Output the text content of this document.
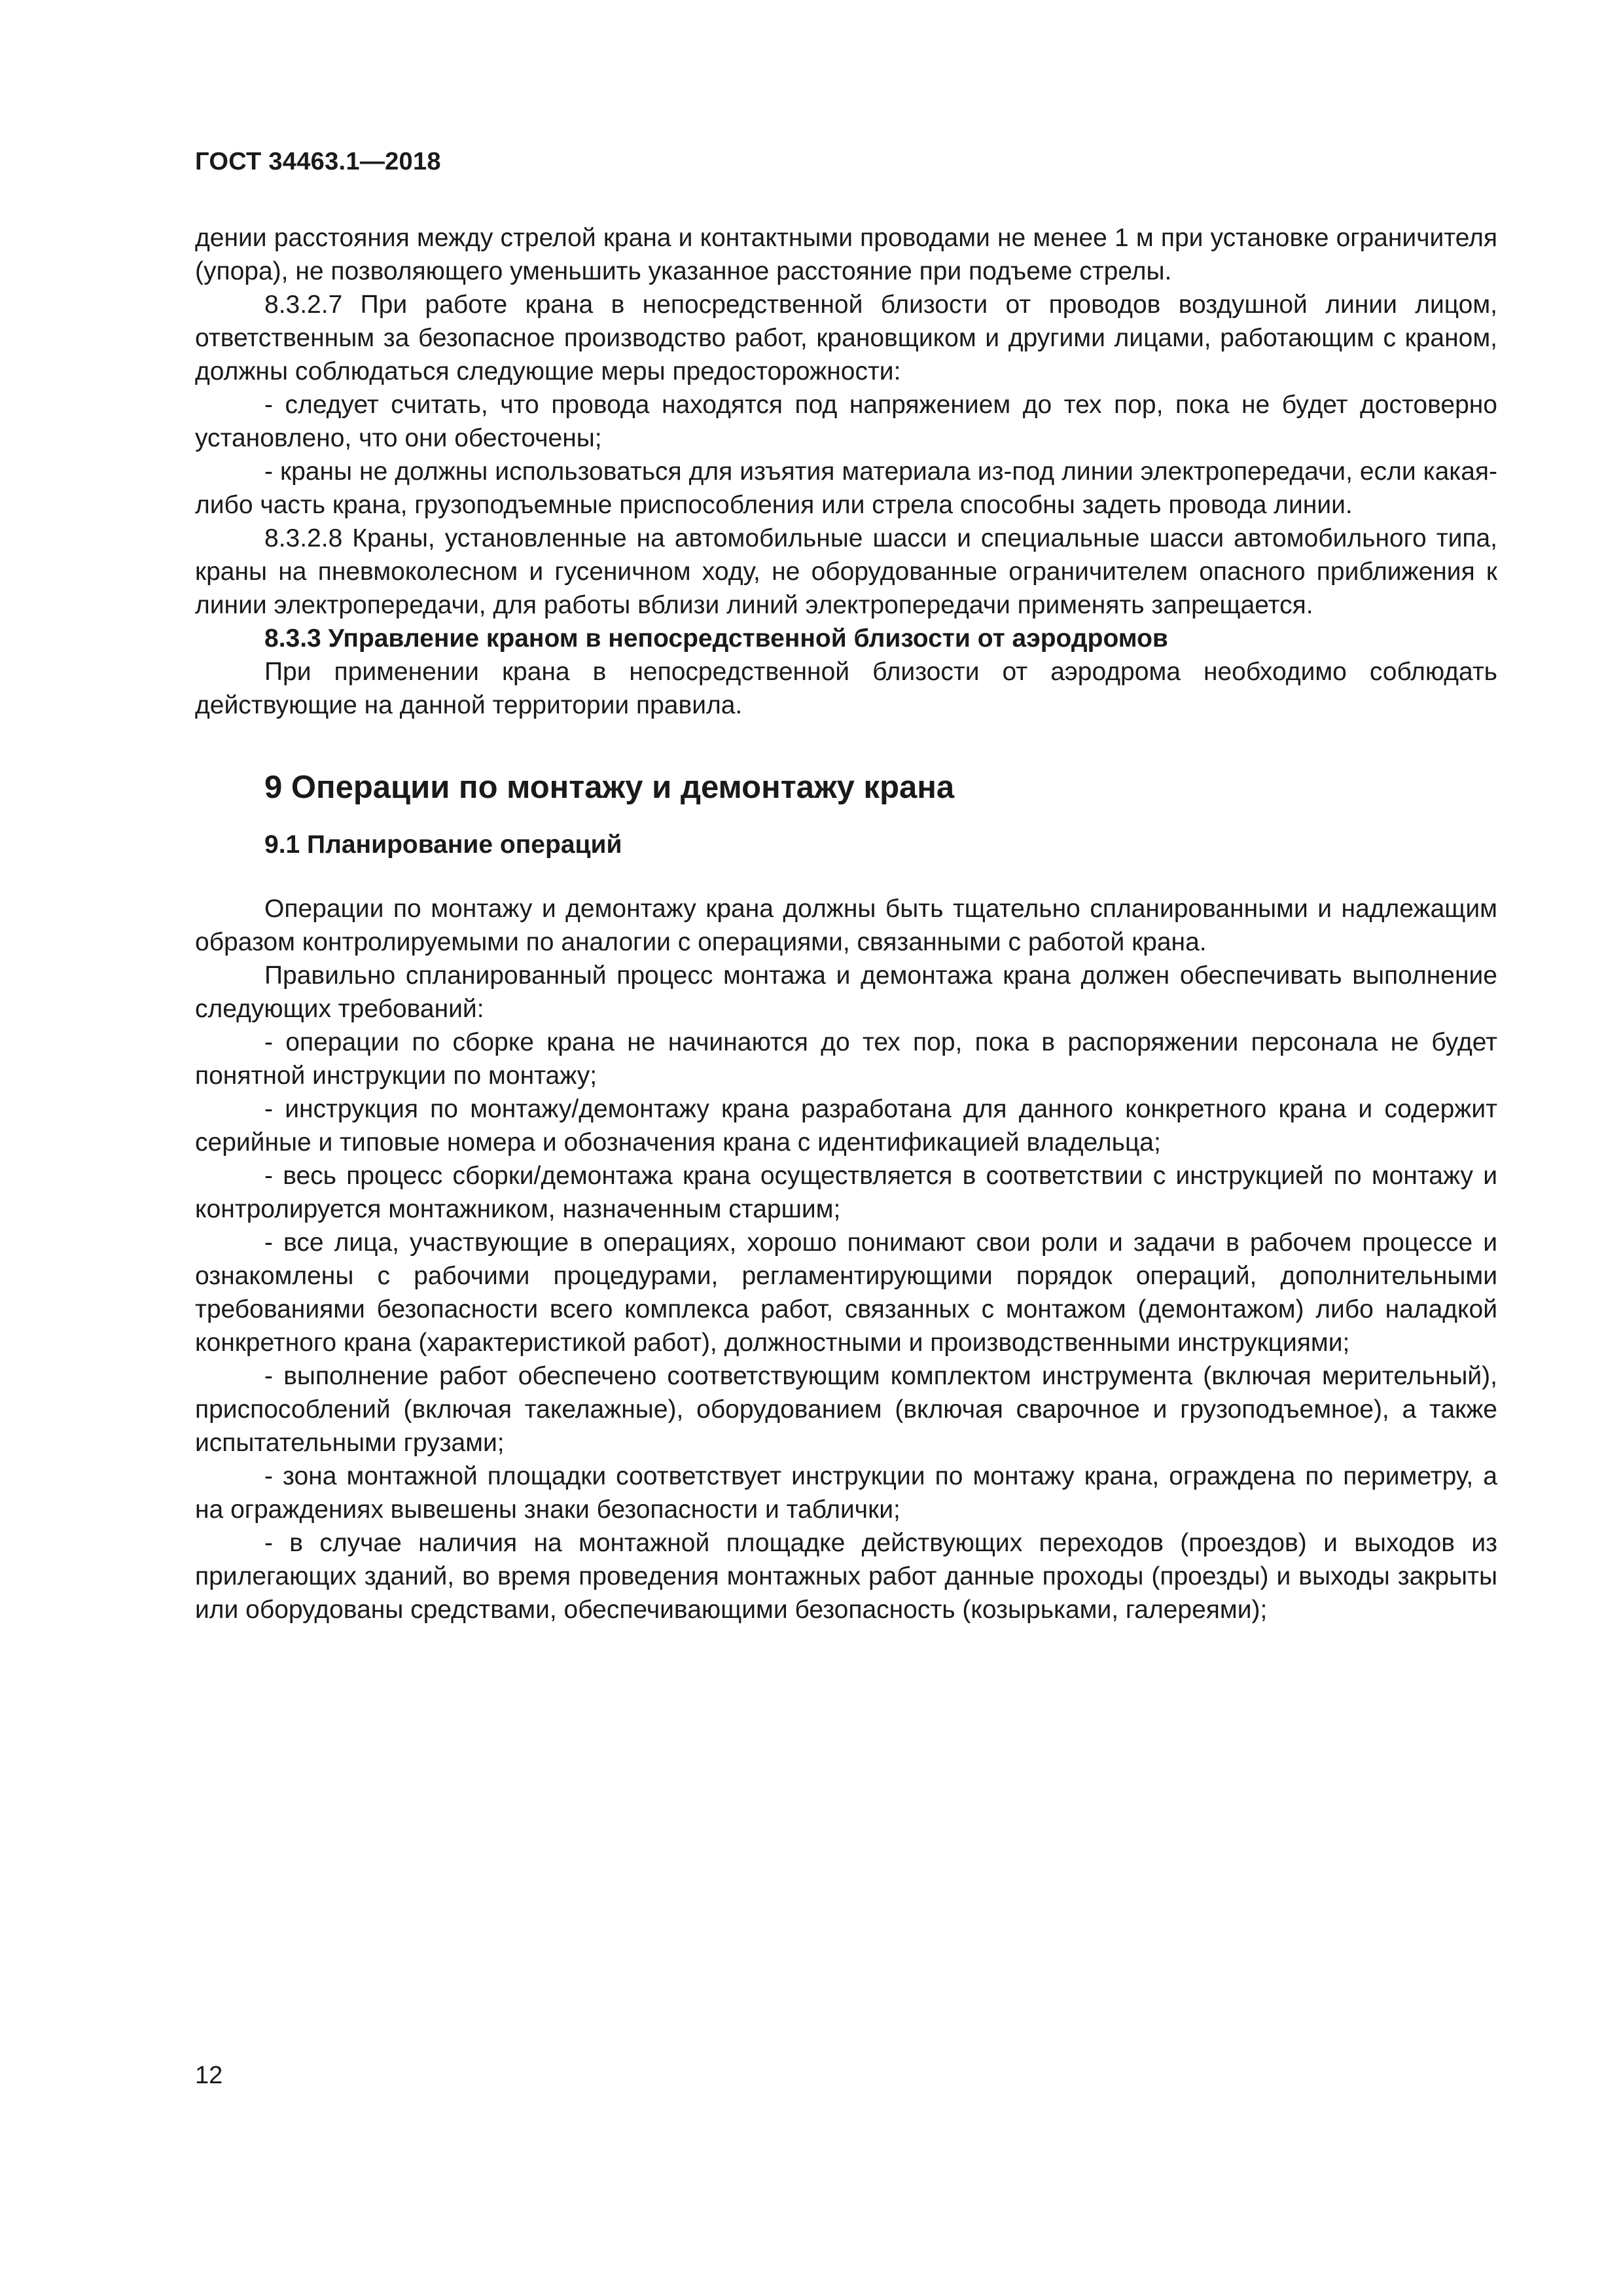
ГОСТ 34463.1—2018

дении расстояния между стрелой крана и контактными проводами не менее 1 м при установке ограничителя (упора), не позволяющего уменьшить указанное расстояние при подъеме стрелы.

8.3.2.7 При работе крана в непосредственной близости от проводов воздушной линии лицом, ответственным за безопасное производство работ, крановщиком и другими лицами, работающим с краном, должны соблюдаться следующие меры предосторожности:

- следует считать, что провода находятся под напряжением до тех пор, пока не будет достоверно установлено, что они обесточены;

- краны не должны использоваться для изъятия материала из-под линии электропередачи, если какая-либо часть крана, грузоподъемные приспособления или стрела способны задеть провода линии.

8.3.2.8 Краны, установленные на автомобильные шасси и специальные шасси автомобильного типа, краны на пневмоколесном и гусеничном ходу, не оборудованные ограничителем опасного приближения к линии электропередачи, для работы вблизи линий электропередачи применять запрещается.

8.3.3 Управление краном в непосредственной близости от аэродромов

При применении крана в непосредственной близости от аэродрома необходимо соблюдать действующие на данной территории правила.

9 Операции по монтажу и демонтажу крана
9.1 Планирование операций

Операции по монтажу и демонтажу крана должны быть тщательно спланированными и надлежащим образом контролируемыми по аналогии с операциями, связанными с работой крана.

Правильно спланированный процесс монтажа и демонтажа крана должен обеспечивать выполнение следующих требований:

- операции по сборке крана не начинаются до тех пор, пока в распоряжении персонала не будет понятной инструкции по монтажу;

- инструкция по монтажу/демонтажу крана разработана для данного конкретного крана и содержит серийные и типовые номера и обозначения крана с идентификацией владельца;

- весь процесс сборки/демонтажа крана осуществляется в соответствии с инструкцией по монтажу и контролируется монтажником, назначенным старшим;

- все лица, участвующие в операциях, хорошо понимают свои роли и задачи в рабочем процессе и ознакомлены с рабочими процедурами, регламентирующими порядок операций, дополнительными требованиями безопасности всего комплекса работ, связанных с монтажом (демонтажом) либо наладкой конкретного крана (характеристикой работ), должностными и производственными инструкциями;

- выполнение работ обеспечено соответствующим комплектом инструмента (включая мерительный), приспособлений (включая такелажные), оборудованием (включая сварочное и грузоподъемное), а также испытательными грузами;

- зона монтажной площадки соответствует инструкции по монтажу крана, ограждена по периметру, а на ограждениях вывешены знаки безопасности и таблички;

- в случае наличия на монтажной площадке действующих переходов (проездов) и выходов из прилегающих зданий, во время проведения монтажных работ данные проходы (проезды) и выходы закрыты или оборудованы средствами, обеспечивающими безопасность (козырьками, галереями);

12
